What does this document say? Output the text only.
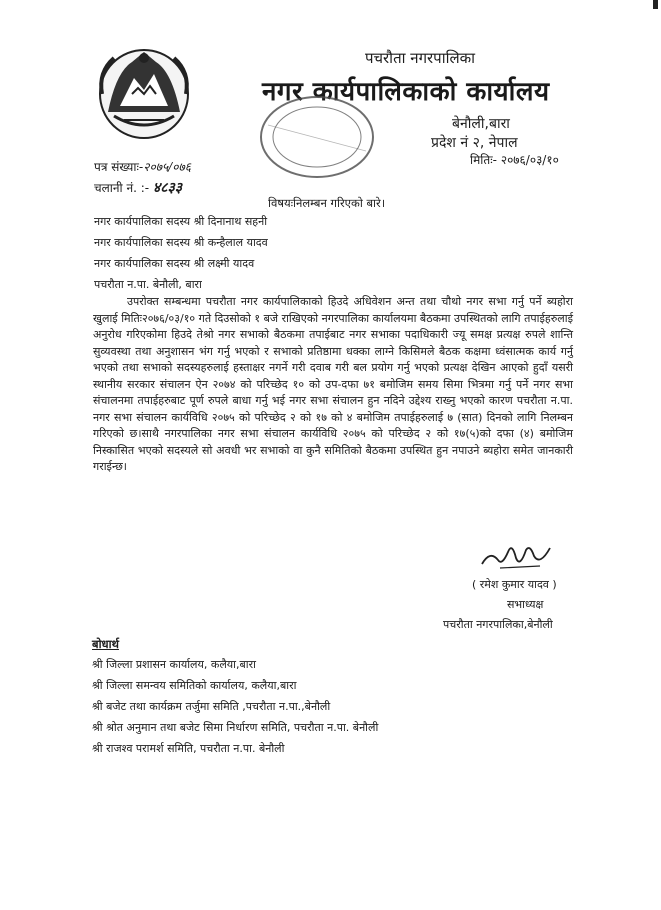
पचरौता नगरपालिका
नगर कार्यपालिकाको कार्यालय
बेनौली,बारा
प्रदेश नं २, नेपाल
पत्र संख्याः-२०७५/०७६	मितिः- २०७६/०३/१०
चलानी नं. :- ४८३३
विषयःनिलम्बन गरिएको बारे।
नगर कार्यपालिका सदस्य श्री दिनानाथ सहनी
नगर कार्यपालिका सदस्य श्री कन्हैलाल यादव
नगर कार्यपालिका सदस्य श्री लक्ष्मी यादव
पचरौता न.पा. बेनौली, बारा

उपरोक्त सम्बन्धमा पचरौता नगर कार्यपालिकाको हिउदे अधिवेशन अन्त तथा चौथो नगर सभा गर्नु पर्ने ब्यहोरा खुलाई मितिः२०७६/०३/१० गते दिउसोको १ बजे राखिएको नगरपालिका कार्यालयमा बैठकमा उपस्थितको लागि तपाईहरुलाई अनुरोध गरिएकोमा हिउदे तेश्रो नगर सभाको बैठकमा तपाईबाट नगर सभाका पदाधिकारी ज्यू समक्ष प्रत्यक्ष रुपले शान्ति सुव्यवस्था तथा अनुशासन भंग गर्नु भएको र सभाको प्रतिष्ठामा धक्का लाग्ने किसिमले बैठक कक्षमा ध्वंसात्मक कार्य गर्नु भएको तथा सभाको सदस्यहरुलाई हस्ताक्षर नगर्ने गरी दवाब गरी बल प्रयोग गर्नु भएको प्रत्यक्ष देखिन आएको हुदाँ यसरी स्थानीय सरकार संचालन ऐन २०७४ को परिच्छेद १० को उप-दफा ७१ बमोजिम समय सिमा भित्रमा गर्नु पर्ने नगर सभा संचालनमा तपाईहरुबाट पूर्ण रुपले बाधा गर्नु भई नगर सभा संचालन हुन नदिने उद्देश्य राख्नु भएको कारण पचरौता न.पा. नगर सभा संचालन कार्यविधि २०७५ को परिच्छेद २ को १७ को ४ बमोजिम तपाईहरुलाई ७ (सात) दिनको लागि निलम्बन गरिएको छ।साथै नगरपालिका नगर सभा संचालन कार्यविधि २०७५ को परिच्छेद २ को १७(५)को दफा (४) बमोजिम निस्कासित भएको सदस्यले सो अवधी भर सभाको वा कुनै समितिको बैठकमा उपस्थित हुन नपाउने ब्यहोरा समेत जानकारी गराईन्छ।

( रमेश कुमार यादव )
सभाध्यक्ष
पचरौता नगरपालिका,बेनौली
बोधार्थ
श्री जिल्ला प्रशासन कार्यालय, कलैया,बारा
श्री जिल्ला समन्वय समितिको कार्यालय, कलैया,बारा
श्री बजेट तथा कार्यक्रम तर्जुमा समिति ,पचरौता न.पा.,बेनौली
श्री श्रोत अनुमान तथा बजेट सिमा निर्धारण समिति, पचरौता न.पा. बेनौली
श्री राजश्व परामर्श समिति, पचरौता न.पा. बेनौली
